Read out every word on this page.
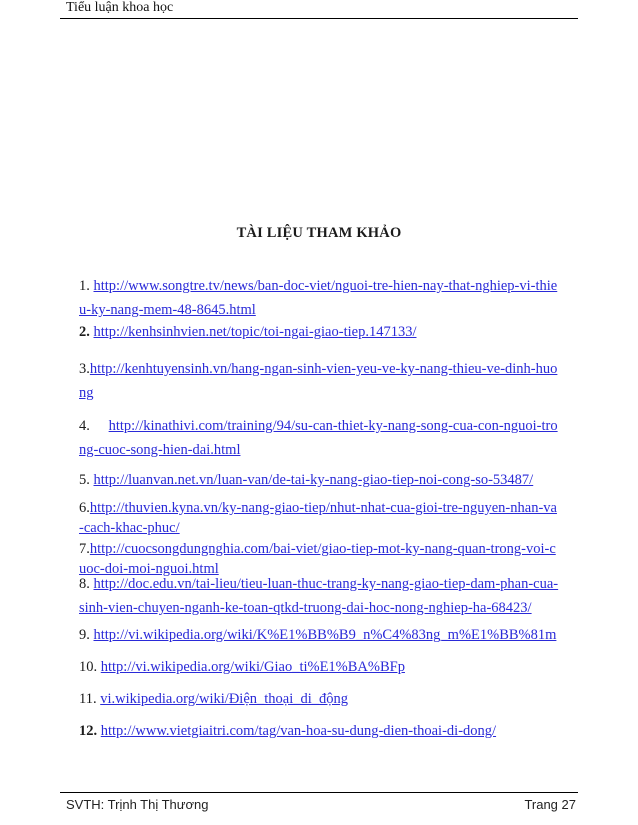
Tiểu luận khoa học
TÀI LIỆU THAM KHẢO
1. http://www.songtre.tv/news/ban-doc-viet/nguoi-tre-hien-nay-that-nghiep-vi-thieu-ky-nang-mem-48-8645.html
2. http://kenhsinhvien.net/topic/toi-ngai-giao-tiep.147133/
3.http://kenhtuyensinh.vn/hang-ngan-sinh-vien-yeu-ve-ky-nang-thieu-ve-dinh-huong
4. http://kinathivi.com/training/94/su-can-thiet-ky-nang-song-cua-con-nguoi-trong-cuoc-song-hien-dai.html
5. http://luanvan.net.vn/luan-van/de-tai-ky-nang-giao-tiep-noi-cong-so-53487/
6.http://thuvien.kyna.vn/ky-nang-giao-tiep/nhut-nhat-cua-gioi-tre-nguyen-nhan-va-cach-khac-phuc/
7.http://cuocsongdungnghia.com/bai-viet/giao-tiep-mot-ky-nang-quan-trong-voi-cuoc-doi-moi-nguoi.html
8. http://doc.edu.vn/tai-lieu/tieu-luan-thuc-trang-ky-nang-giao-tiep-dam-phan-cua-sinh-vien-chuyen-nganh-ke-toan-qtkd-truong-dai-hoc-nong-nghiep-ha-68423/
9. http://vi.wikipedia.org/wiki/K%E1%BB%B9_n%C4%83ng_m%E1%BB%81m
10. http://vi.wikipedia.org/wiki/Giao_ti%E1%BA%BFp
11. vi.wikipedia.org/wiki/Điện_thoại_di_động
12. http://www.vietgiaitri.com/tag/van-hoa-su-dung-dien-thoai-di-dong/
SVTH: Trịnh Thị Thương	Trang 27
